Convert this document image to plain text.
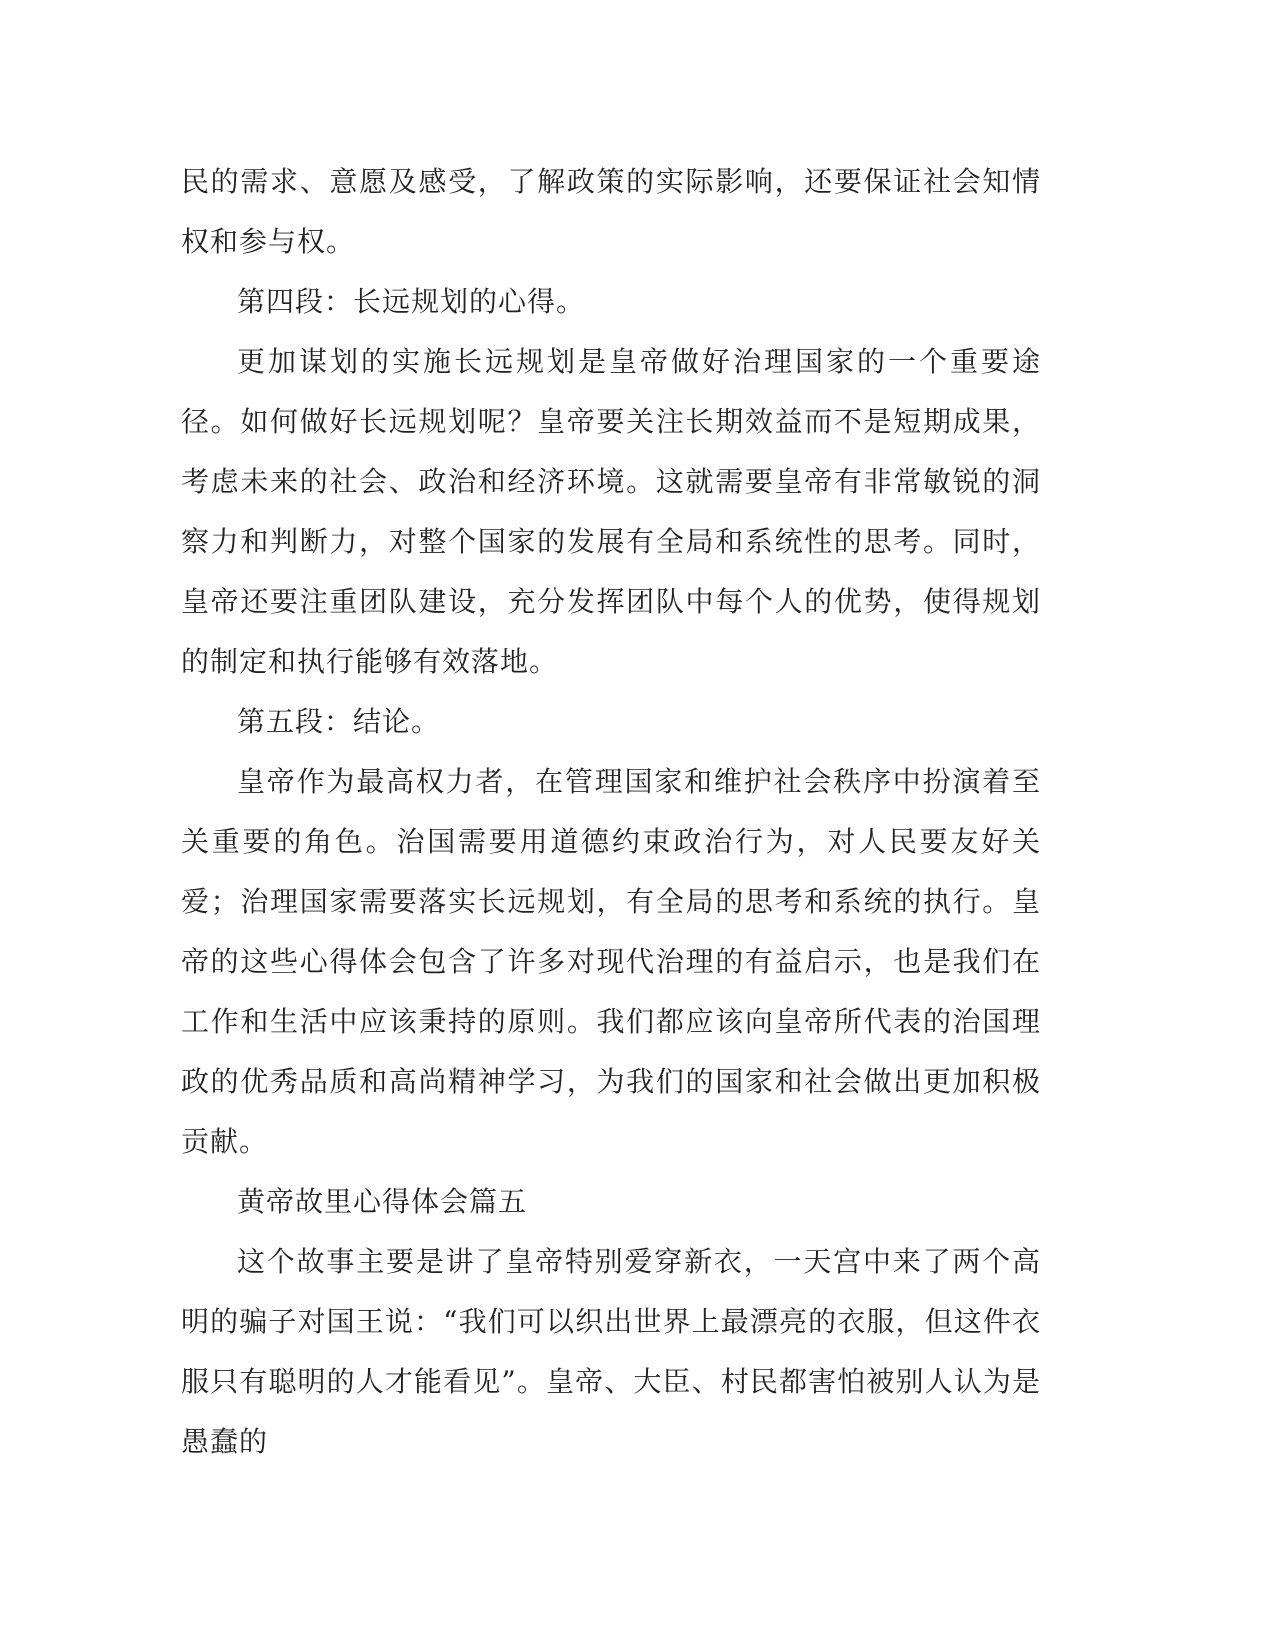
民的需求、意愿及感受，了解政策的实际影响，还要保证社会知情权和参与权。

第四段：长远规划的心得。

更加谋划的实施长远规划是皇帝做好治理国家的一个重要途径。如何做好长远规划呢？皇帝要关注长期效益而不是短期成果，考虑未来的社会、政治和经济环境。这就需要皇帝有非常敏锐的洞察力和判断力，对整个国家的发展有全局和系统性的思考。同时，皇帝还要注重团队建设，充分发挥团队中每个人的优势，使得规划的制定和执行能够有效落地。

第五段：结论。

皇帝作为最高权力者，在管理国家和维护社会秩序中扮演着至关重要的角色。治国需要用道德约束政治行为，对人民要友好关爱；治理国家需要落实长远规划，有全局的思考和系统的执行。皇帝的这些心得体会包含了许多对现代治理的有益启示，也是我们在工作和生活中应该秉持的原则。我们都应该向皇帝所代表的治国理政的优秀品质和高尚精神学习，为我们的国家和社会做出更加积极贡献。

黄帝故里心得体会篇五

这个故事主要是讲了皇帝特别爱穿新衣，一天宫中来了两个高明的骗子对国王说：“我们可以织出世界上最漂亮的衣服，但这件衣服只有聪明的人才能看见”。皇帝、大臣、村民都害怕被别人认为是愚蠢的
